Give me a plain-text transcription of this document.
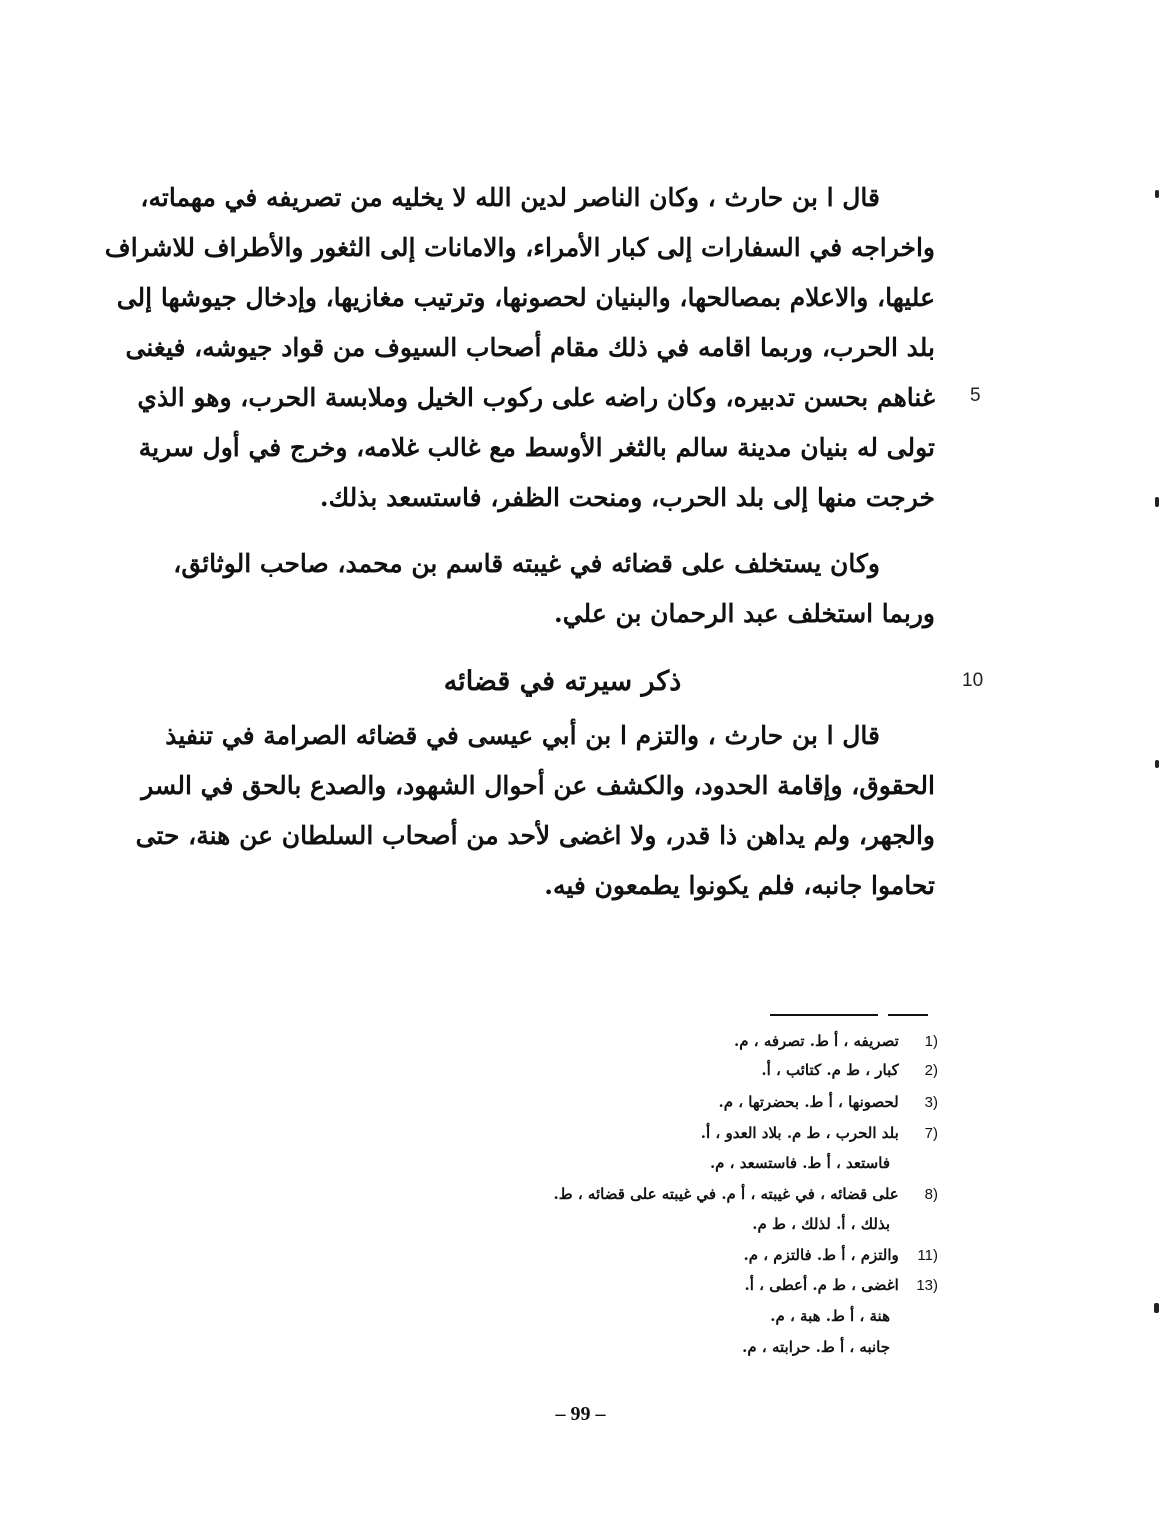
قال ا بن حارث ، وكان الناصر لدين الله لا يخليه من تصريفه في مهماته،
واخراجه في السفارات إلى كبار الأمراء، والامانات إلى الثغور والأطراف للاشراف
عليها، والاعلام بمصالحها، والبنيان لحصونها، وترتيب مغازيها، وإدخال جيوشها إلى
بلد الحرب، وربما اقامه في ذلك مقام أصحاب السيوف من قواد جيوشه، فيغنى
غناهم بحسن تدبيره، وكان راضه على ركوب الخيل وملابسة الحرب، وهو الذي
تولى له بنيان مدينة سالم بالثغر الأوسط مع غالب غلامه، وخرج في أول سرية
خرجت منها إلى بلد الحرب، ومنحت الظفر، فاستسعد بذلك.
وكان يستخلف على قضائه في غيبته قاسم بن محمد، صاحب الوثائق،
وربما استخلف عبد الرحمان بن علي.
ذكر سيرته في قضائه
قال ا بن حارث ، والتزم ا بن أبي عيسى في قضائه الصرامة في تنفيذ
الحقوق، وإقامة الحدود، والكشف عن أحوال الشهود، والصدع بالحق في السر
والجهر، ولم يداهن ذا قدر، ولا اغضى لأحد من أصحاب السلطان عن هنة، حتى
تحاموا جانبه، فلم يكونوا يطمعون فيه.
5
10
1) تصريفه ، أ ط. تصرفه ، م.
2) كبار ، ط م. كتائب ، أ.
3) لحصونها ، أ ط. بحضرتها ، م.
7) بلد الحرب ، ط م. بلاد العدو ، أ.
فاستعد ، أ ط. فاستسعد ، م.
8) على قضائه ، في غيبته ، أ م. في غيبته على قضائه ، ط.
بذلك ، أ. لذلك ، ط م.
11) والتزم ، أ ط. فالتزم ، م.
13) اغضى ، ط م. أعطى ، أ.
هنة ، أ ط. هبة ، م.
جانبه ، أ ط. حرابته ، م.
– 99 –
